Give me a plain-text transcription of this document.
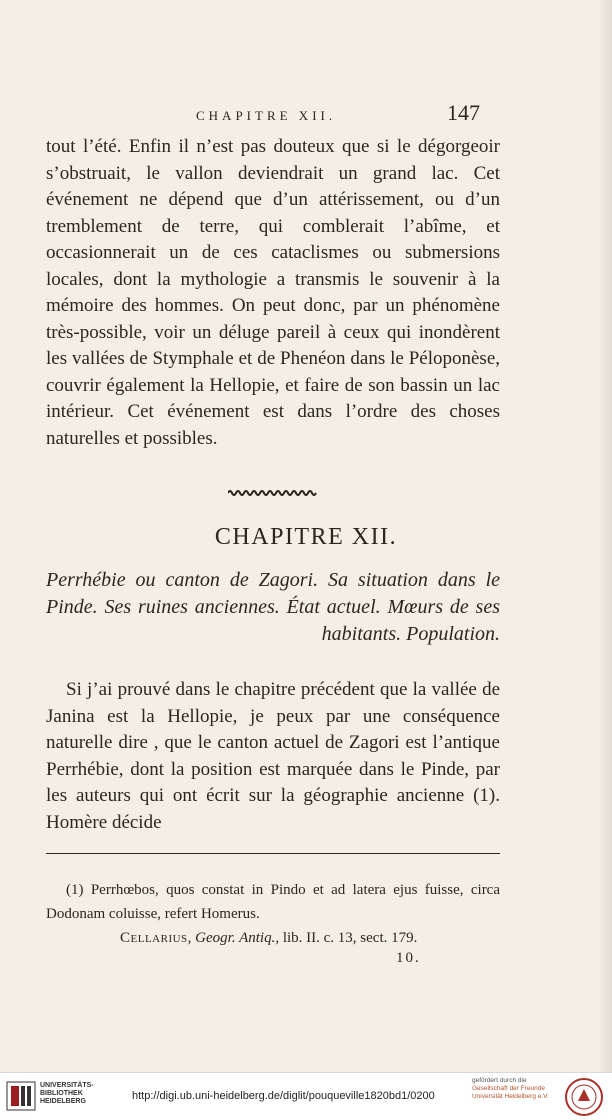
CHAPITRE XII.	147
tout l’été. Enfin il n’est pas douteux que si le dégorgeoir s’obstruait, le vallon deviendrait un grand lac. Cet événement ne dépend que d’un attérissement, ou d’un tremblement de terre, qui comblerait l’abîme, et occasionnerait un de ces cataclismes ou submersions locales, dont la mythologie a transmis le souvenir à la mémoire des hommes. On peut donc, par un phénomène très-possible, voir un déluge pareil à ceux qui inondèrent les vallées de Stymphale et de Phenéon dans le Péloponèse, couvrir également la Hellopie, et faire de son bassin un lac intérieur. Cet événement est dans l’ordre des choses naturelles et possibles.
CHAPITRE XII.
Perrhébie ou canton de Zagori. Sa situation dans le Pinde. Ses ruines anciennes. État actuel. Mœurs de ses habitants. Population.
Si j’ai prouvé dans le chapitre précédent que la vallée de Janina est la Hellopie, je peux par une conséquence naturelle dire , que le canton actuel de Zagori est l’antique Perrhébie, dont la position est marquée dans le Pinde, par les auteurs qui ont écrit sur la géographie ancienne (1). Homère décide
(1) Perrhœbos, quos constat in Pindo et ad latera ejus fuisse, circa Dodonam coluisse, refert Homerus.
Cellarius, Geogr. Antiq., lib. II. c. 13, sect. 179.
10.
UNIVERSITÄTS-
BIBLIOTHEK
HEIDELBERG	http://digi.ub.uni-heidelberg.de/diglit/pouqueville1820bd1/0200
gefördert durch die
Gesellschaft der Freunde
Universität Heidelberg e.V.
